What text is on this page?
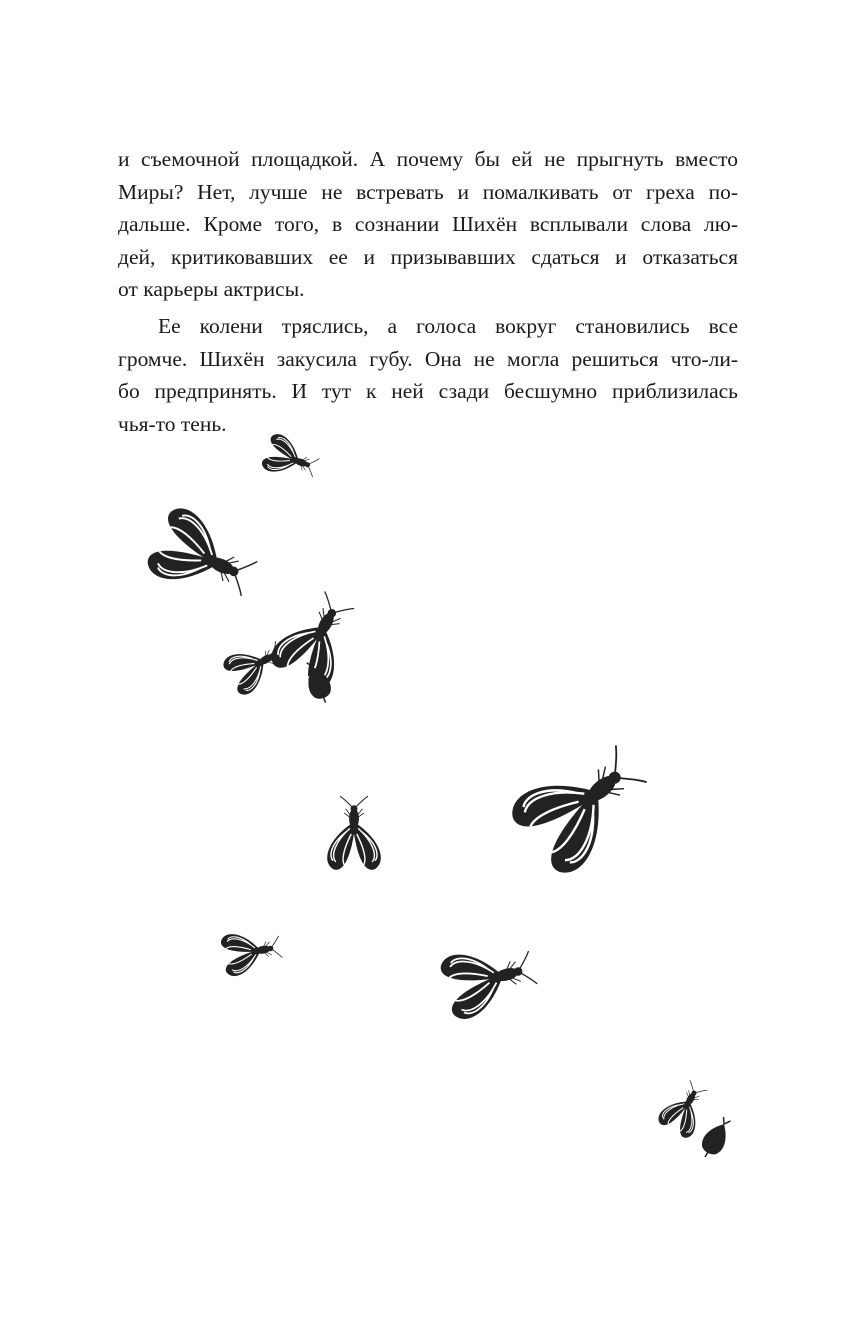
и съемочной площадкой. А почему бы ей не прыгнуть вместо
Миры? Нет, лучше не встревать и помалкивать от греха по-
дальше. Кроме того, в сознании Шихён всплывали слова лю-
дей, критиковавших ее и призывавших сдаться и отказаться
от карьеры актрисы.
Ее колени тряслись, а голоса вокруг становились все
громче. Шихён закусила губу. Она не могла решиться что-ли-
бо предпринять. И тут к ней сзади бесшумно приблизилась
чья-то тень.
